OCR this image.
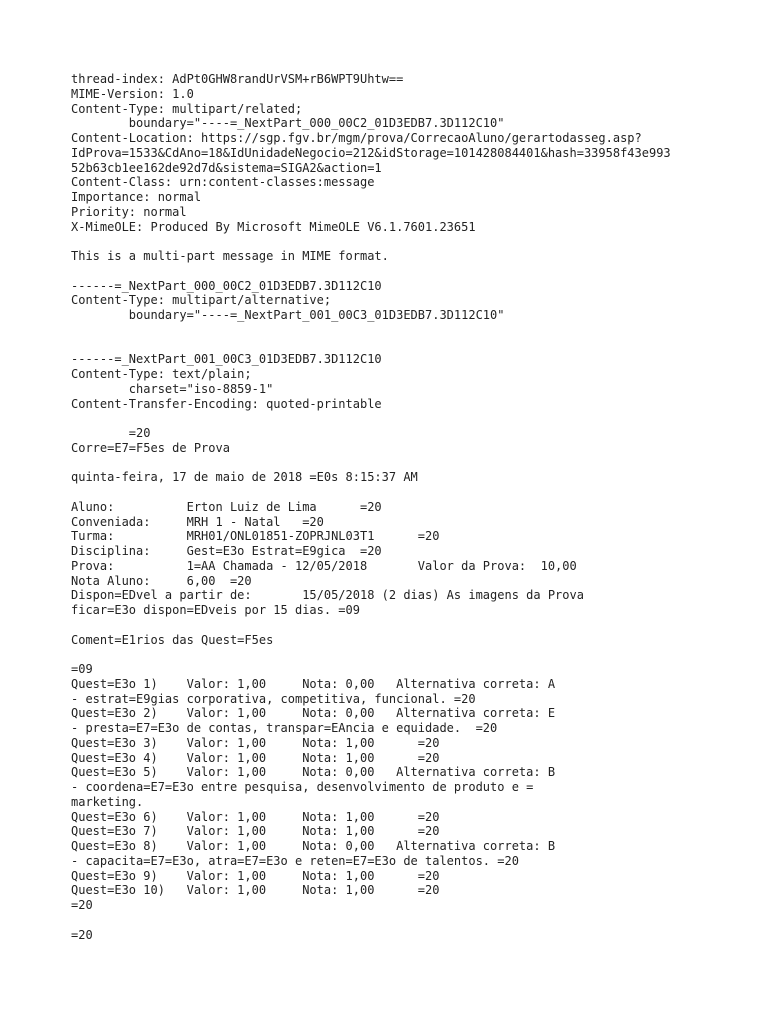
thread-index: AdPt0GHW8randUrVSM+rB6WPT9Uhtw==
MIME-Version: 1.0
Content-Type: multipart/related;
	boundary="----=_NextPart_000_00C2_01D3EDB7.3D112C10"
Content-Location: https://sgp.fgv.br/mgm/prova/CorrecaoAluno/gerartodasseg.asp?
IdProva=1533&CdAno=18&IdUnidadeNegocio=212&idStorage=101428084401&hash=33958f43e993
52b63cb1ee162de92d7d&sistema=SIGA2&action=1
Content-Class: urn:content-classes:message
Importance: normal
Priority: normal
X-MimeOLE: Produced By Microsoft MimeOLE V6.1.7601.23651

This is a multi-part message in MIME format.

------=_NextPart_000_00C2_01D3EDB7.3D112C10
Content-Type: multipart/alternative;
	boundary="----=_NextPart_001_00C3_01D3EDB7.3D112C10"

------=_NextPart_001_00C3_01D3EDB7.3D112C10
Content-Type: text/plain;
	charset="iso-8859-1"
Content-Transfer-Encoding: quoted-printable

	=20
Corre=E7=F5es de Prova

quinta-feira, 17 de maio de 2018 =E0s 8:15:37 AM

Aluno:		Erton Luiz de Lima	=20
Conveniada:	MRH 1 - Natal	=20
Turma:		MRH01/ONL01851-ZOPRJNL03T1	=20
Disciplina:	Gest=E3o Estrat=E9gica	=20
Prova:		1=AA Chamada - 12/05/2018	Valor da Prova:  10,00
Nota Aluno:	6,00  =20
Dispon=EDvel a partir de:	15/05/2018 (2 dias) As imagens da Prova
ficar=E3o dispon=EDveis por 15 dias. =09

Coment=E1rios das Quest=F5es

=09
Quest=E3o 1)	Valor: 1,00	Nota: 0,00   Alternativa correta: A
- estrat=E9gias corporativa, competitiva, funcional. =20
Quest=E3o 2)	Valor: 1,00	Nota: 0,00   Alternativa correta: E
- presta=E7=E3o de contas, transpar=EAncia e equidade.	=20
Quest=E3o 3)	Valor: 1,00	Nota: 1,00	=20
Quest=E3o 4)	Valor: 1,00	Nota: 1,00	=20
Quest=E3o 5)	Valor: 1,00	Nota: 0,00   Alternativa correta: B
- coordena=E7=E3o entre pesquisa, desenvolvimento de produto e =
marketing.
Quest=E3o 6)	Valor: 1,00	Nota: 1,00	=20
Quest=E3o 7)	Valor: 1,00	Nota: 1,00	=20
Quest=E3o 8)	Valor: 1,00	Nota: 0,00   Alternativa correta: B
- capacita=E7=E3o, atra=E7=E3o e reten=E7=E3o de talentos. =20
Quest=E3o 9)	Valor: 1,00	Nota: 1,00	=20
Quest=E3o 10)	Valor: 1,00	Nota: 1,00	=20
=20

=20
